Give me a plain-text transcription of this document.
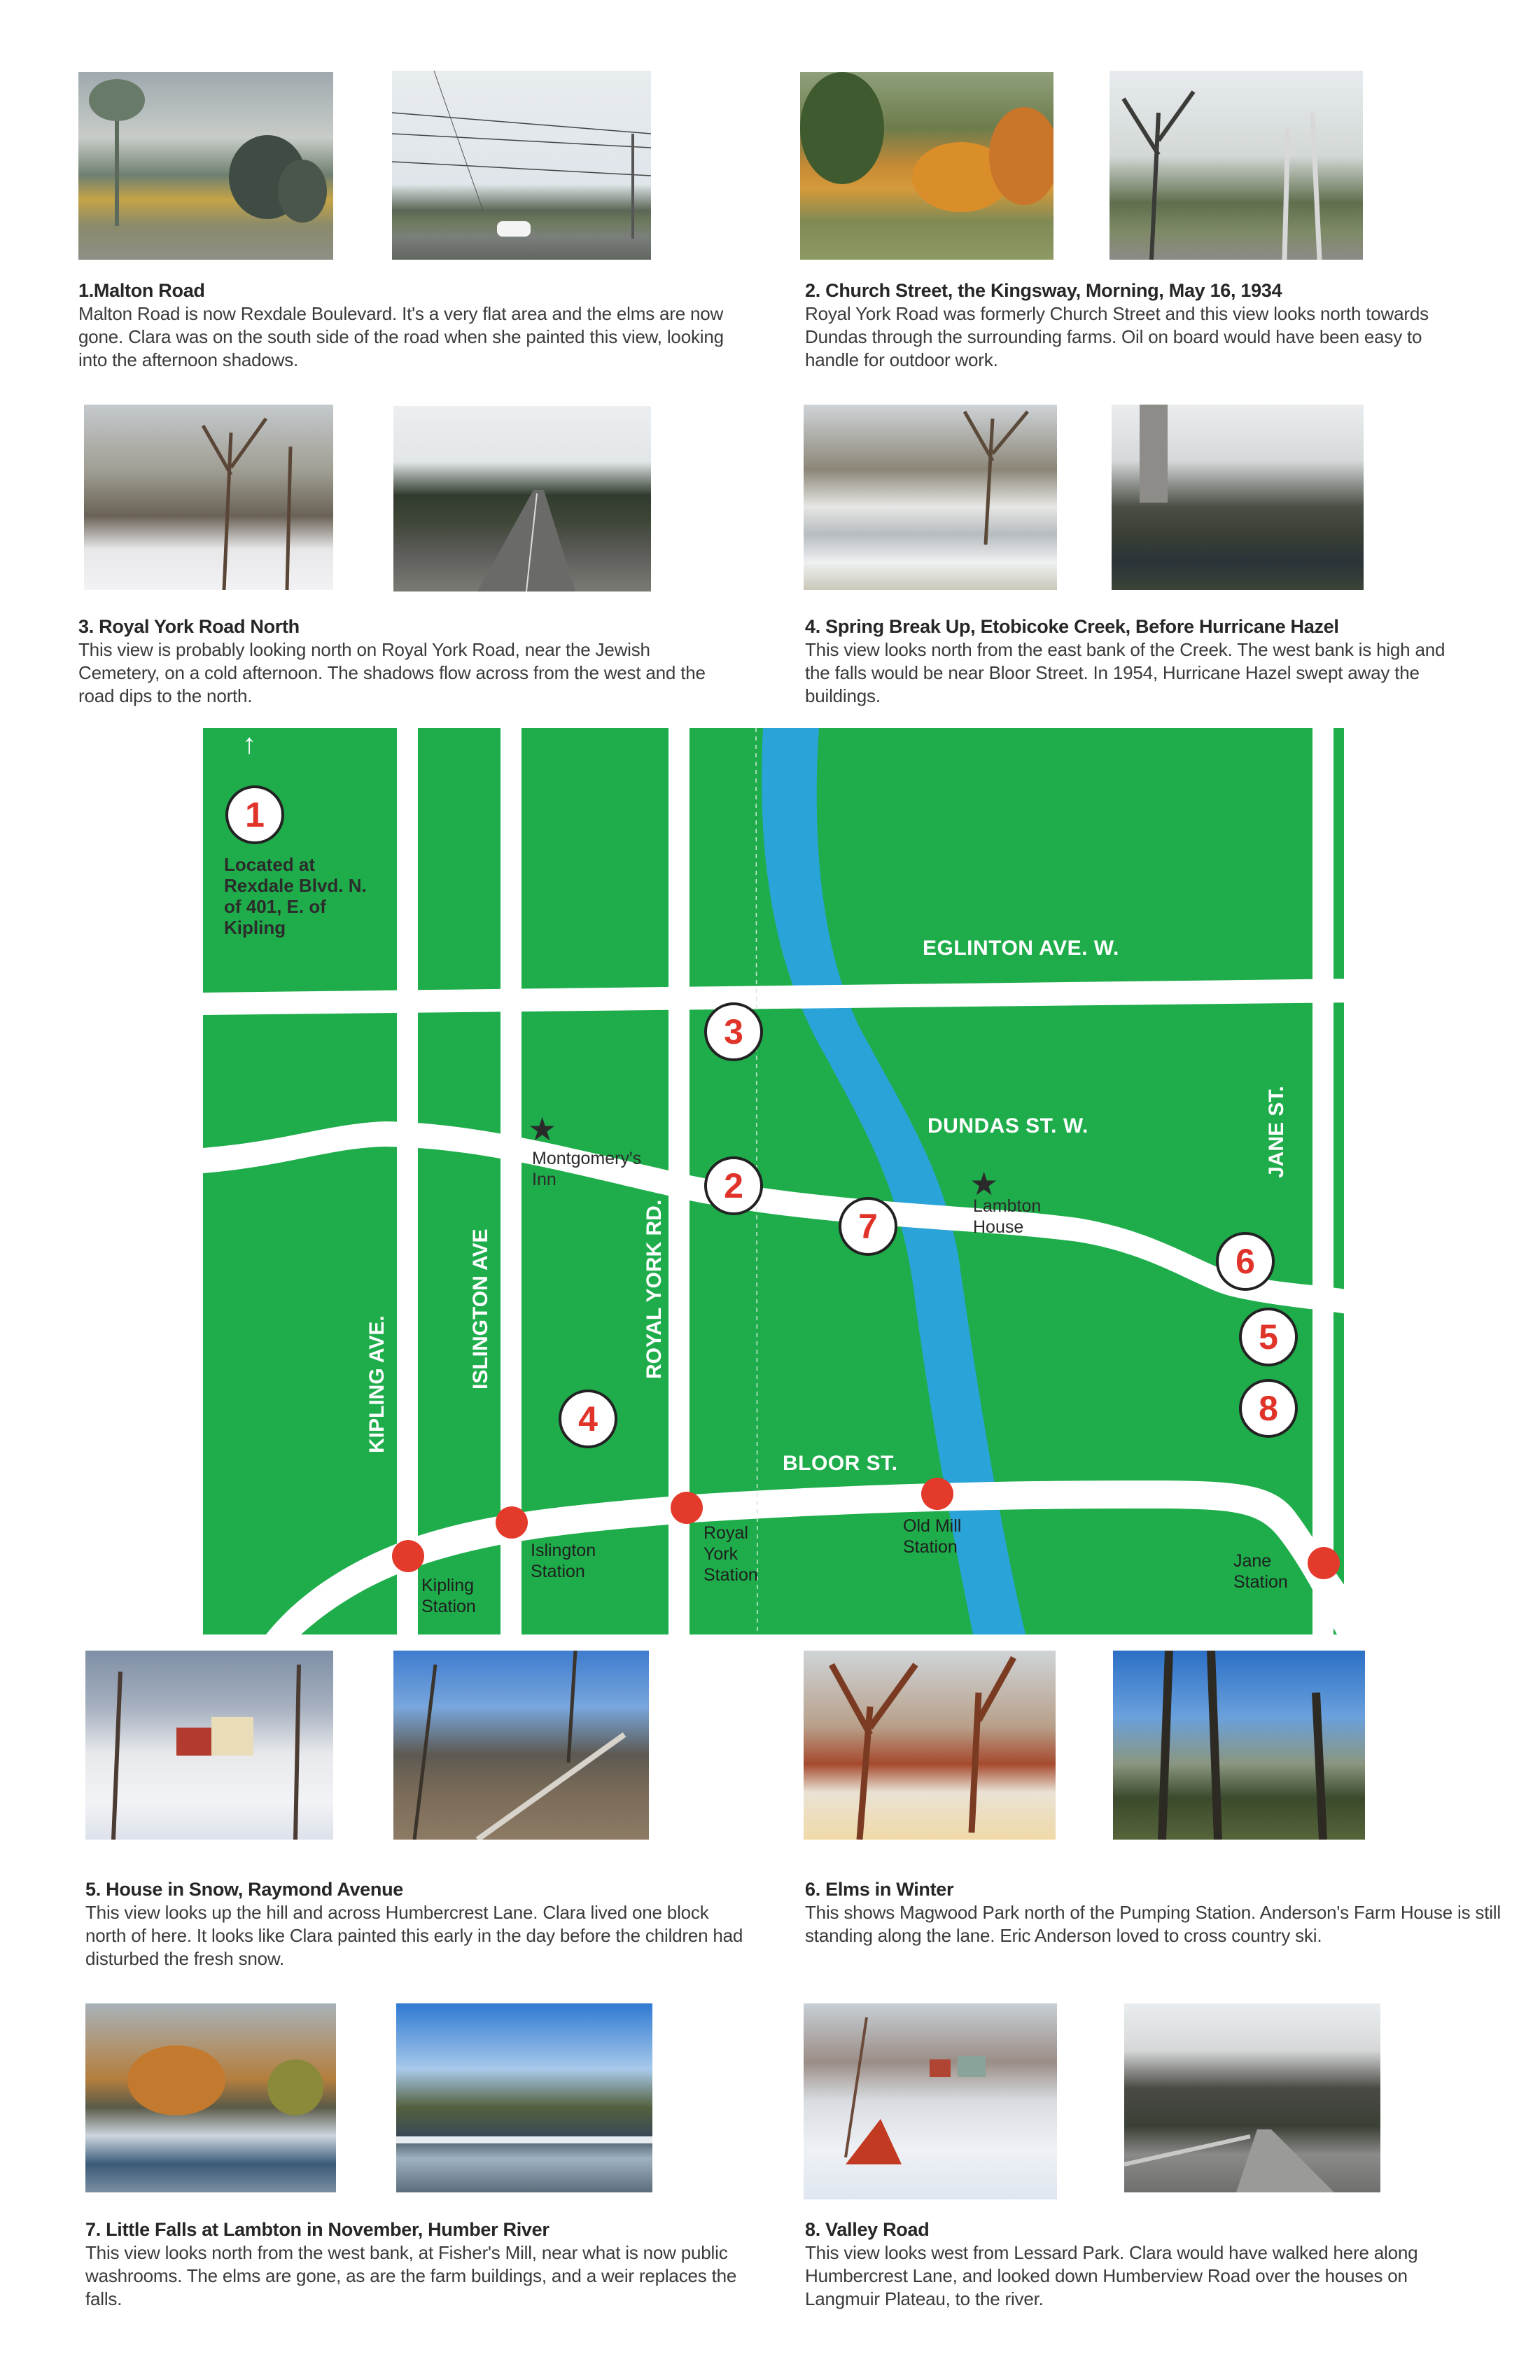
1.Malton Road

Malton Road is now Rexdale Boulevard. It's a very flat area and the elms are now gone. Clara was on the south side of the road when she painted this view, looking into the afternoon shadows.

2. Church Street, the Kingsway, Morning, May 16, 1934

Royal York Road was formerly Church Street and this view looks north towards Dundas through the surrounding farms. Oil on board would have been easy to handle for outdoor work.

3. Royal York Road North

This view is probably looking north on Royal York Road, near the Jewish Cemetery, on a cold afternoon. The shadows flow across from the west and the road dips to the north.

4. Spring Break Up, Etobicoke Creek, Before Hurricane Hazel

This view looks north from the east bank of the Creek. The west bank is high and the falls would be near Bloor Street. In 1954, Hurricane Hazel swept away the buildings.

EGLINTON AVE. W.
DUNDAS ST. W.
BLOOR ST.
KIPLING AVE.	ISLINGTON AVE	ROYAL YORK RD.
JANE ST.
↑
1
Located at
Rexdale Blvd. N.
of 401, E. of
Kipling
2
3
4
5
6
7
8
★
Montgomery's
Inn	★
Lambton
House
Kipling
Station
Islington
Station
Royal
York
Station
Old Mill
Station
Jane
Station
5. House in Snow, Raymond Avenue

This view looks up the hill and across Humbercrest Lane. Clara lived one block north of here. It looks like Clara painted this early in the day before the children had disturbed the fresh snow.

6. Elms in Winter

This shows Magwood Park north of the Pumping Station. Anderson's Farm House is still standing along the lane. Eric Anderson loved to cross country ski.

7. Little Falls at Lambton in November, Humber River

This view looks north from the west bank, at Fisher's Mill, near what is now public washrooms. The elms are gone, as are the farm buildings, and a weir replaces the falls.

8. Valley Road

This view looks west from Lessard Park. Clara would have walked here along Humbercrest Lane, and looked down Humberview Road over the houses on Langmuir Plateau, to the river.
